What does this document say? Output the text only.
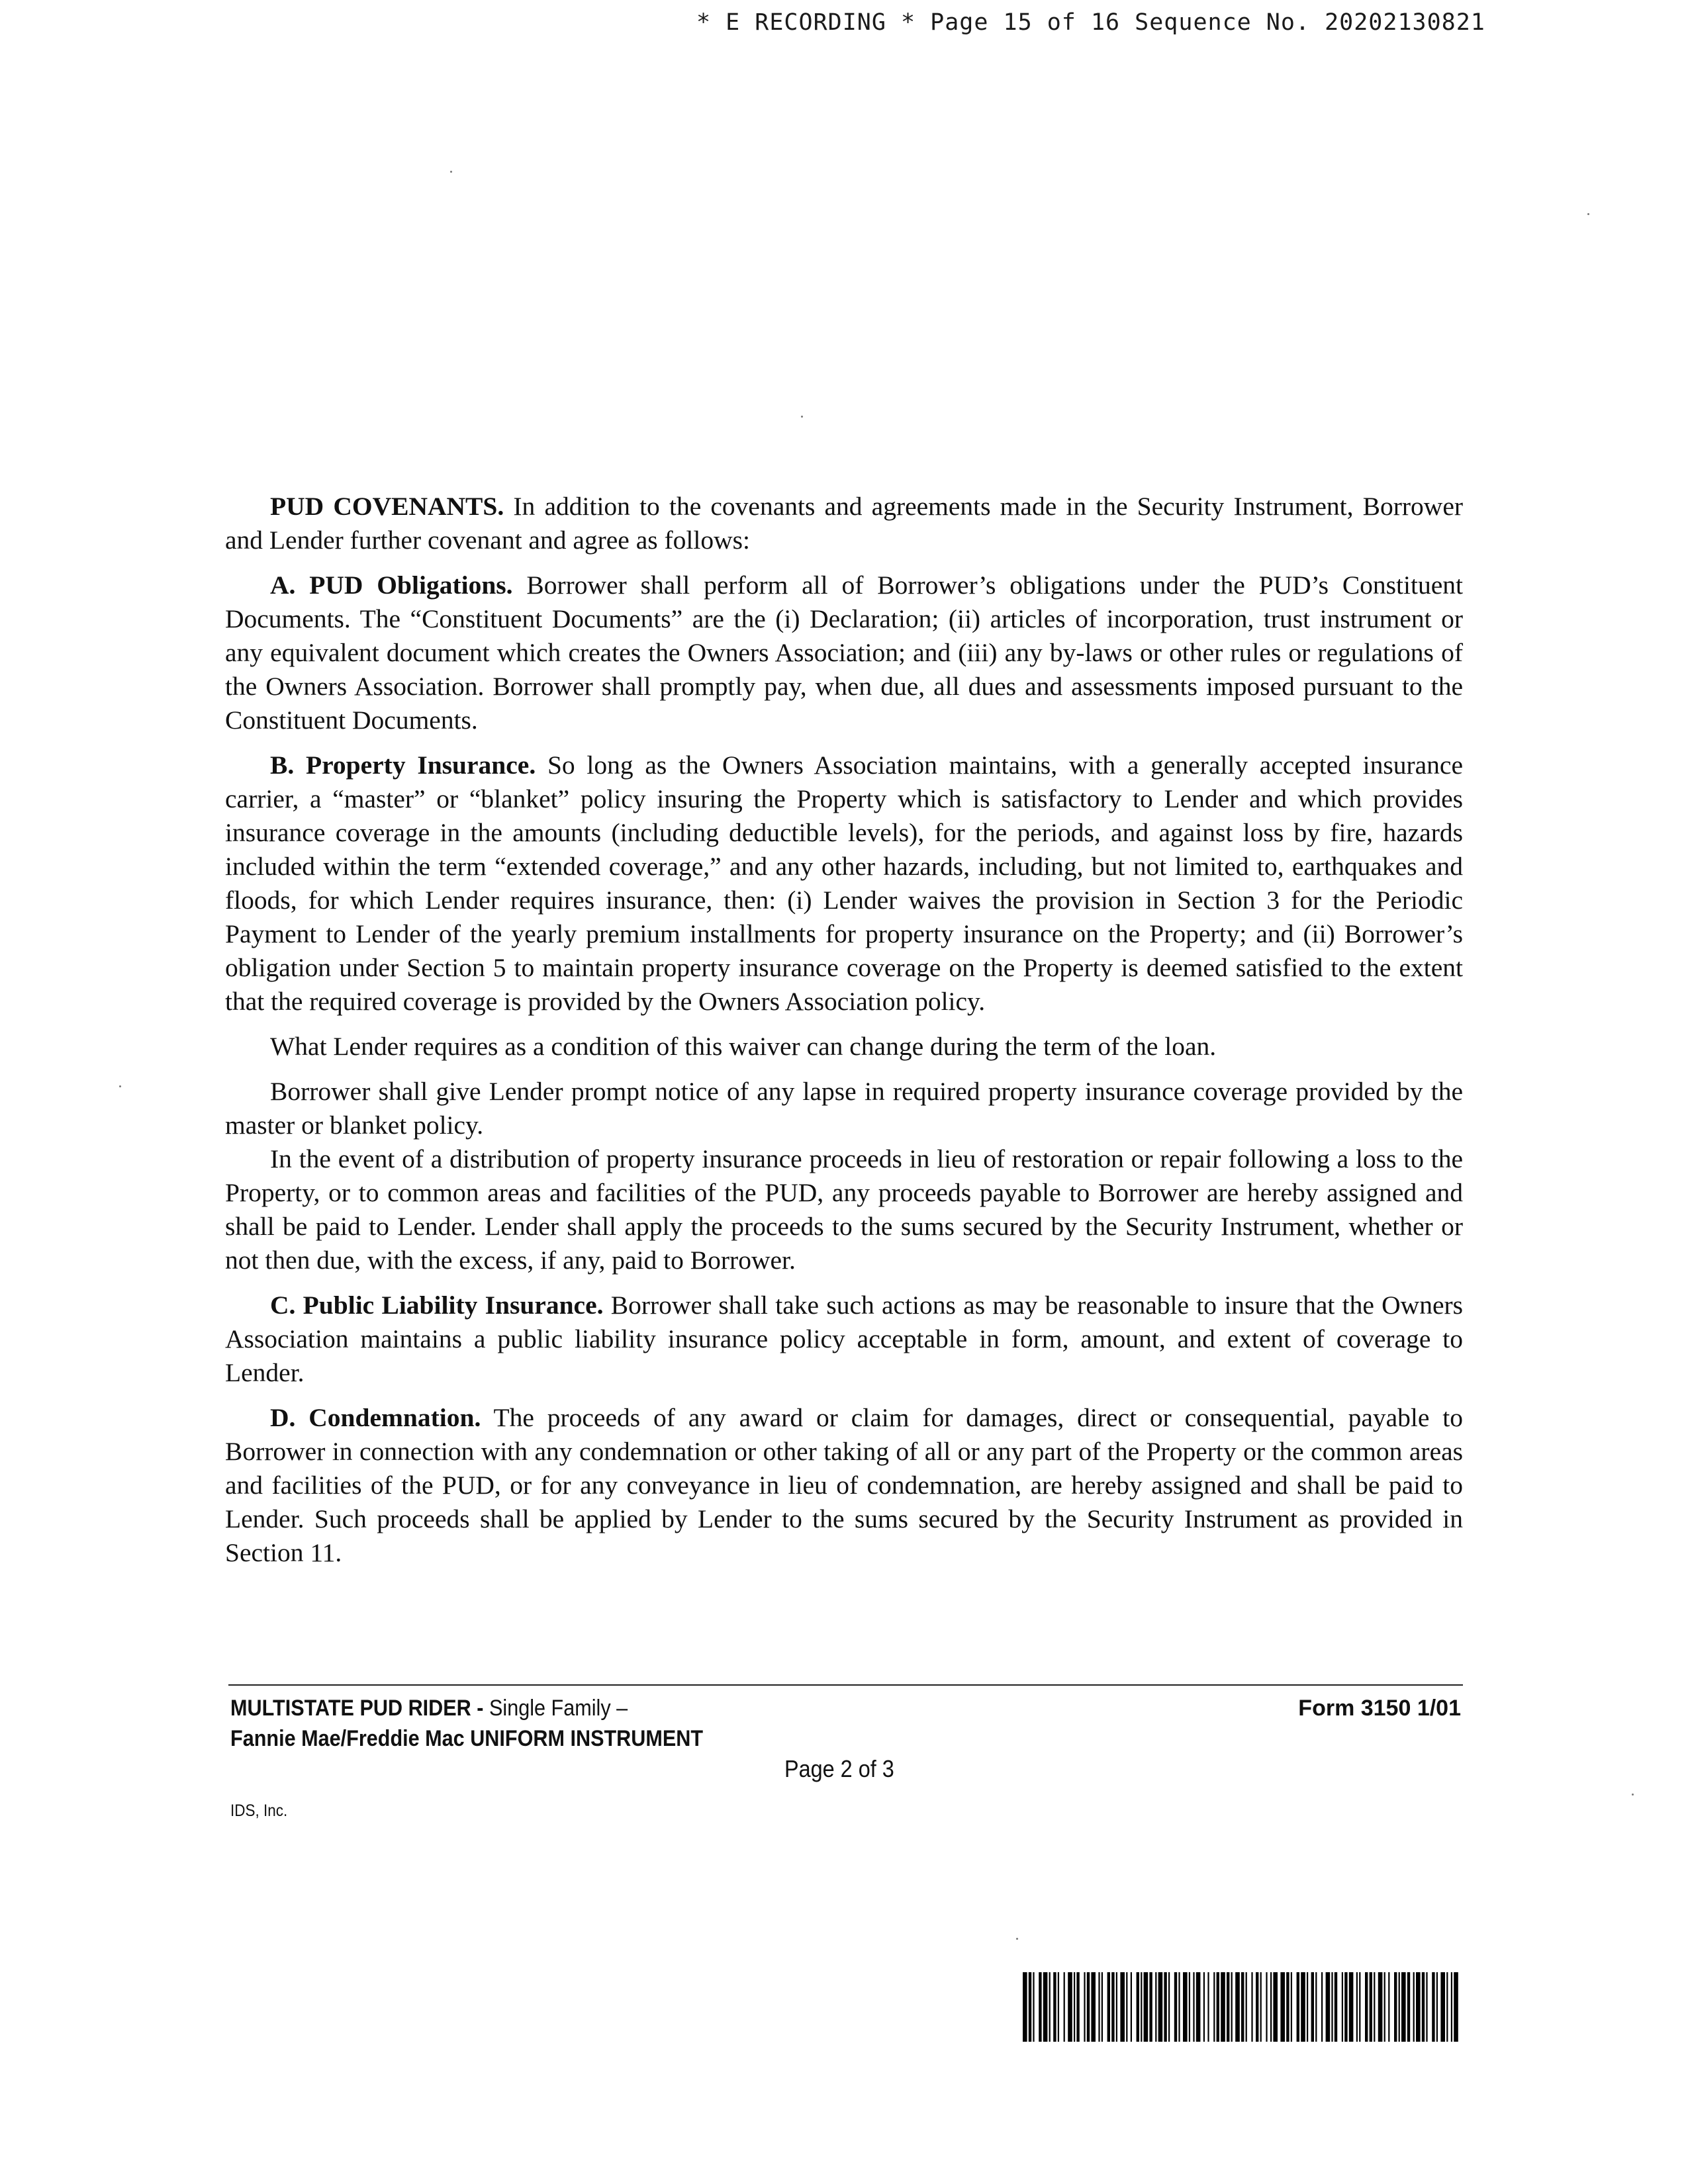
* E RECORDING * Page 15 of 16 Sequence No. 20202130821

PUD COVENANTS. In addition to the covenants and agreements made in the Security Instrument, Borrower and Lender further covenant and agree as follows:

A. PUD Obligations. Borrower shall perform all of Borrower’s obligations under the PUD’s Constituent Documents. The “Constituent Documents” are the (i) Declaration; (ii) articles of incorporation, trust instrument or any equivalent document which creates the Owners Association; and (iii) any by-laws or other rules or regulations of the Owners Association. Borrower shall promptly pay, when due, all dues and assessments imposed pursuant to the Constituent Documents.

B. Property Insurance. So long as the Owners Association maintains, with a generally accepted insurance carrier, a “master” or “blanket” policy insuring the Property which is satisfactory to Lender and which provides insurance coverage in the amounts (including deductible levels), for the periods, and against loss by fire, hazards included within the term “extended coverage,” and any other hazards, including, but not limited to, earthquakes and floods, for which Lender requires insurance, then: (i) Lender waives the provision in Section 3 for the Periodic Payment to Lender of the yearly premium installments for property insurance on the Property; and (ii) Borrower’s obligation under Section 5 to maintain property insurance coverage on the Property is deemed satisfied to the extent that the required coverage is provided by the Owners Association policy.

What Lender requires as a condition of this waiver can change during the term of the loan.

Borrower shall give Lender prompt notice of any lapse in required property insurance coverage provided by the master or blanket policy.

In the event of a distribution of property insurance proceeds in lieu of restoration or repair following a loss to the Property, or to common areas and facilities of the PUD, any proceeds payable to Borrower are hereby assigned and shall be paid to Lender. Lender shall apply the proceeds to the sums secured by the Security Instrument, whether or not then due, with the excess, if any, paid to Borrower.

C. Public Liability Insurance. Borrower shall take such actions as may be reasonable to insure that the Owners Association maintains a public liability insurance policy acceptable in form, amount, and extent of coverage to Lender.

D. Condemnation. The proceeds of any award or claim for damages, direct or consequential, payable to Borrower in connection with any condemnation or other taking of all or any part of the Property or the common areas and facilities of the PUD, or for any conveyance in lieu of condemnation, are hereby assigned and shall be paid to Lender. Such proceeds shall be applied by Lender to the sums secured by the Security Instrument as provided in Section 11.

MULTISTATE PUD RIDER - Single Family –
Fannie Mae/Freddie Mac UNIFORM INSTRUMENT
Form 3150 1/01
Page 2 of 3
IDS, Inc.
